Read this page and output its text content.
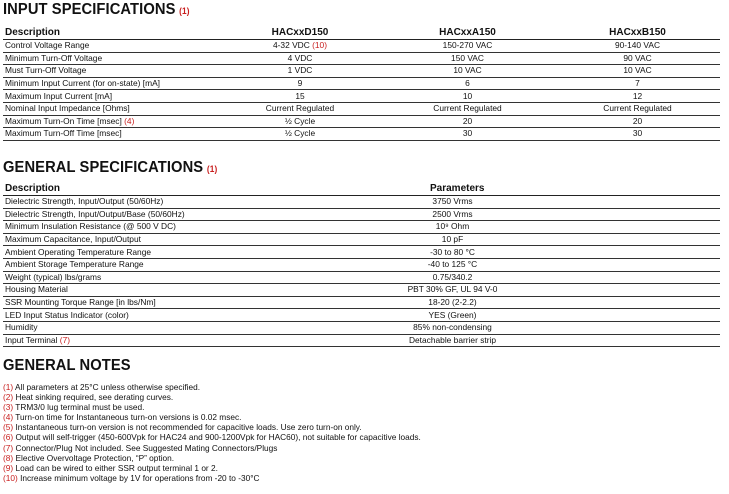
INPUT SPECIFICATIONS (1)
Description	HACxxD150	HACxxA150	HACxxB150
Control Voltage Range	4-32 VDC (10)	150-270 VAC	90-140 VAC
Minimum Turn-Off Voltage	4 VDC	150 VAC	90 VAC
Must Turn-Off Voltage	1 VDC	10 VAC	10 VAC
Minimum Input Current (for on-state) [mA]	9	6	7
Maximum Input Current [mA]	15	10	12
Nominal Input Impedance [Ohms]	Current Regulated	Current Regulated	Current Regulated
Maximum Turn-On Time [msec] (4)	½ Cycle	20	20
Maximum Turn-Off Time [msec]	½ Cycle	30	30
GENERAL SPECIFICATIONS (1)
Description	Parameters
Dielectric Strength, Input/Output (50/60Hz)	3750 Vrms
Dielectric Strength, Input/Output/Base (50/60Hz)	2500 Vrms
Minimum Insulation Resistance (@ 500 V DC)	10⁹ Ohm
Maximum Capacitance, Input/Output	10 pF
Ambient Operating Temperature Range	-30 to 80 °C
Ambient Storage Temperature Range	-40 to 125 °C
Weight (typical) lbs/grams	0.75/340.2
Housing Material	PBT 30% GF, UL 94 V-0
SSR Mounting Torque Range [in lbs/Nm]	18-20 (2-2.2)
LED Input Status Indicator (color)	YES (Green)
Humidity	85% non-condensing
Input Terminal (7)	Detachable barrier strip
GENERAL NOTES
(1) All parameters at 25°C unless otherwise specified.
(2) Heat sinking required, see derating curves.
(3) TRM3/0 lug terminal must be used.
(4) Turn-on time for Instantaneous turn-on versions is 0.02 msec.
(5) Instantaneous turn-on version is not recommended for capacitive loads. Use zero turn-on only.
(6) Output will self-trigger (450-600Vpk for HAC24 and 900-1200Vpk for HAC60), not suitable for capacitive loads.
(7) Connector/Plug Not included. See Suggested Mating Connectors/Plugs
(8) Elective Overvoltage Protection, “P” option.
(9) Load can be wired to either SSR output terminal 1 or 2.
(10) Increase minimum voltage by 1V for operations from -20 to -30°C
